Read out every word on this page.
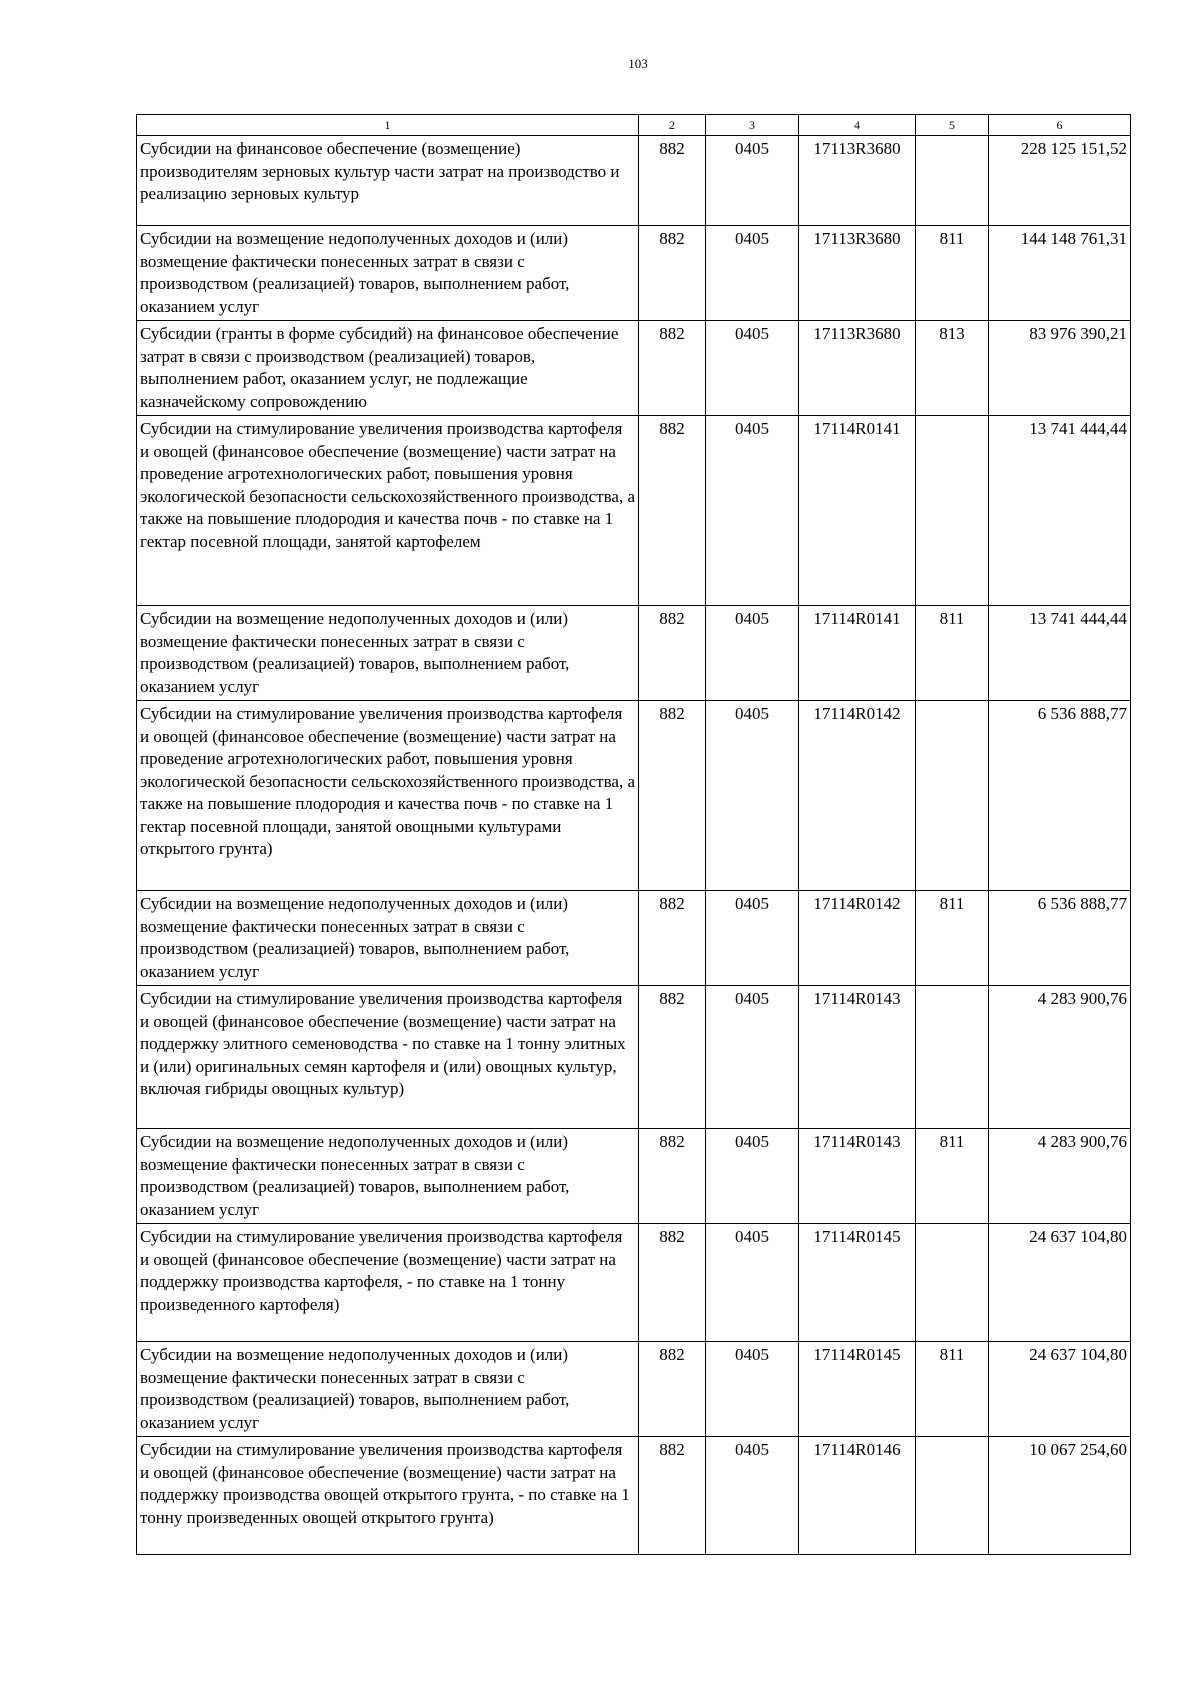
103
1	2	3	4	5	6
Субсидии на финансовое обеспечение (возмещение) производителям зерновых культур части затрат на производство и реализацию зерновых культур	882	0405	17113R3680		228 125 151,52
Субсидии на возмещение недополученных доходов и (или) возмещение фактически понесенных затрат в связи с производством (реализацией) товаров, выполнением работ, оказанием услуг	882	0405	17113R3680	811	144 148 761,31
Субсидии (гранты в форме субсидий) на финансовое обеспечение затрат в связи с производством (реализацией) товаров, выполнением работ, оказанием услуг, не подлежащие казначейскому сопровождению	882	0405	17113R3680	813	83 976 390,21
Субсидии на стимулирование увеличения производства картофеля и овощей (финансовое обеспечение (возмещение) части затрат на проведение агротехнологических работ, повышения уровня экологической безопасности сельскохозяйственного производства, а также на повышение плодородия и качества почв - по ставке на 1 гектар посевной площади, занятой картофелем	882	0405	17114R0141		13 741 444,44
Субсидии на возмещение недополученных доходов и (или) возмещение фактически понесенных затрат в связи с производством (реализацией) товаров, выполнением работ, оказанием услуг	882	0405	17114R0141	811	13 741 444,44
Субсидии на стимулирование увеличения производства картофеля и овощей (финансовое обеспечение (возмещение) части затрат на проведение агротехнологических работ, повышения уровня экологической безопасности сельскохозяйственного производства, а также на повышение плодородия и качества почв - по ставке на 1 гектар посевной площади, занятой овощными культурами открытого грунта)	882	0405	17114R0142		6 536 888,77
Субсидии на возмещение недополученных доходов и (или) возмещение фактически понесенных затрат в связи с производством (реализацией) товаров, выполнением работ, оказанием услуг	882	0405	17114R0142	811	6 536 888,77
Субсидии на стимулирование увеличения производства картофеля и овощей (финансовое обеспечение (возмещение) части затрат на поддержку элитного семеноводства - по ставке на 1 тонну элитных и (или) оригинальных семян картофеля и (или) овощных культур, включая гибриды овощных культур)	882	0405	17114R0143		4 283 900,76
Субсидии на возмещение недополученных доходов и (или) возмещение фактически понесенных затрат в связи с производством (реализацией) товаров, выполнением работ, оказанием услуг	882	0405	17114R0143	811	4 283 900,76
Субсидии на стимулирование увеличения производства картофеля и овощей (финансовое обеспечение (возмещение) части затрат на поддержку производства картофеля, - по ставке на 1 тонну произведенного картофеля)	882	0405	17114R0145		24 637 104,80
Субсидии на возмещение недополученных доходов и (или) возмещение фактически понесенных затрат в связи с производством (реализацией) товаров, выполнением работ, оказанием услуг	882	0405	17114R0145	811	24 637 104,80
Субсидии на стимулирование увеличения производства картофеля и овощей (финансовое обеспечение (возмещение) части затрат на поддержку производства овощей открытого грунта, - по ставке на 1 тонну произведенных овощей открытого грунта)	882	0405	17114R0146		10 067 254,60
